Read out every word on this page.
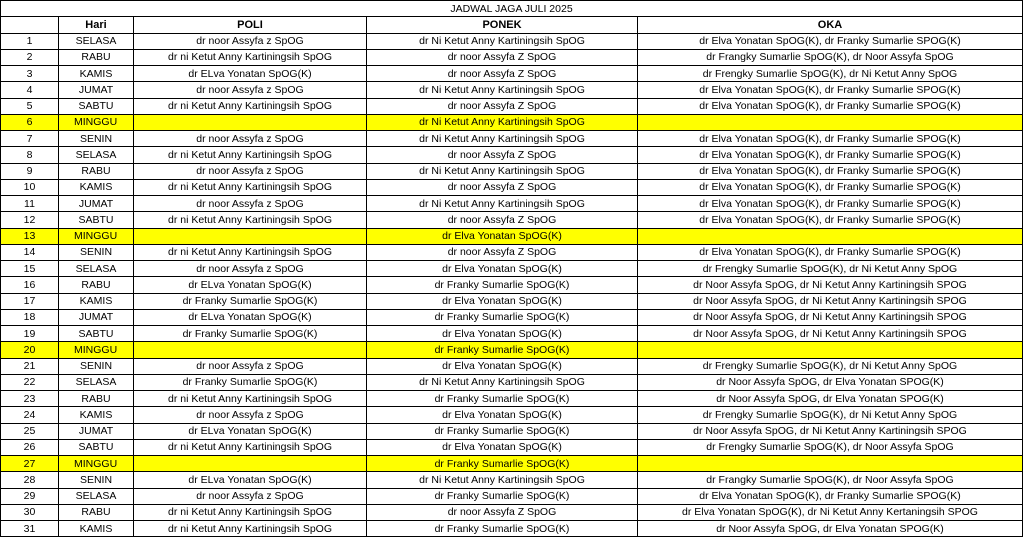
JADWAL JAGA JULI 2025				
	Hari	POLI	PONEK	OKA
1	SELASA	dr noor Assyfa z SpOG	dr Ni Ketut Anny Kartiningsih SpOG	dr Elva Yonatan SpOG(K), dr Franky Sumarlie SPOG(K)
2	RABU	dr ni Ketut Anny Kartiningsih SpOG	dr noor Assyfa Z SpOG	dr Frangky Sumarlie SpOG(K), dr Noor Assyfa SpOG
3	KAMIS	dr ELva Yonatan SpOG(K)	dr noor Assyfa Z SpOG	dr Frengky Sumarlie SpOG(K), dr Ni Ketut Anny SpOG
4	JUMAT	dr noor Assyfa z SpOG	dr Ni Ketut Anny Kartiningsih SpOG	dr Elva Yonatan SpOG(K), dr Franky Sumarlie SPOG(K)
5	SABTU	dr ni Ketut Anny Kartiningsih SpOG	dr noor Assyfa Z SpOG	dr Elva Yonatan SpOG(K), dr Franky Sumarlie SPOG(K)
6	MINGGU		dr Ni Ketut Anny Kartiningsih SpOG	
7	SENIN	dr noor Assyfa z SpOG	dr Ni Ketut Anny Kartiningsih SpOG	dr Elva Yonatan SpOG(K), dr Franky Sumarlie SPOG(K)
8	SELASA	dr ni Ketut Anny Kartiningsih SpOG	dr noor Assyfa Z SpOG	dr Elva Yonatan SpOG(K), dr Franky Sumarlie SPOG(K)
9	RABU	dr noor Assyfa z SpOG	dr Ni Ketut Anny Kartiningsih SpOG	dr Elva Yonatan SpOG(K), dr Franky Sumarlie SPOG(K)
10	KAMIS	dr ni Ketut Anny Kartiningsih SpOG	dr noor Assyfa Z SpOG	dr Elva Yonatan SpOG(K), dr Franky Sumarlie SPOG(K)
11	JUMAT	dr noor Assyfa z SpOG	dr Ni Ketut Anny Kartiningsih SpOG	dr Elva Yonatan SpOG(K), dr Franky Sumarlie SPOG(K)
12	SABTU	dr ni Ketut Anny Kartiningsih SpOG	dr noor Assyfa Z SpOG	dr Elva Yonatan SpOG(K), dr Franky Sumarlie SPOG(K)
13	MINGGU		dr Elva Yonatan SpOG(K)	
14	SENIN	dr ni Ketut Anny Kartiningsih SpOG	dr noor Assyfa Z SpOG	dr Elva Yonatan SpOG(K), dr Franky Sumarlie SPOG(K)
15	SELASA	dr noor Assyfa z SpOG	dr Elva Yonatan SpOG(K)	dr Frengky Sumarlie SpOG(K), dr Ni Ketut Anny SpOG
16	RABU	dr ELva Yonatan SpOG(K)	dr Franky Sumarlie SpOG(K)	dr Noor Assyfa SpOG, dr Ni Ketut Anny Kartiningsih SPOG
17	KAMIS	dr Franky Sumarlie SpOG(K)	dr Elva Yonatan SpOG(K)	dr Noor Assyfa SpOG, dr Ni Ketut Anny Kartiningsih SPOG
18	JUMAT	dr ELva Yonatan SpOG(K)	dr Franky Sumarlie SpOG(K)	dr Noor Assyfa SpOG, dr Ni Ketut Anny Kartiningsih SPOG
19	SABTU	dr Franky Sumarlie SpOG(K)	dr Elva Yonatan SpOG(K)	dr Noor Assyfa SpOG, dr Ni Ketut Anny Kartiningsih SPOG
20	MINGGU		dr Franky Sumarlie SpOG(K)	
21	SENIN	dr noor Assyfa z SpOG	dr Elva Yonatan SpOG(K)	dr Frengky Sumarlie SpOG(K), dr Ni Ketut Anny SpOG
22	SELASA	dr Franky Sumarlie SpOG(K)	dr Ni Ketut Anny Kartiningsih SpOG	dr Noor Assyfa SpOG, dr Elva Yonatan SPOG(K)
23	RABU	dr ni Ketut Anny Kartiningsih SpOG	dr Franky Sumarlie SpOG(K)	dr Noor Assyfa SpOG, dr Elva Yonatan SPOG(K)
24	KAMIS	dr noor Assyfa z SpOG	dr Elva Yonatan SpOG(K)	dr Frengky Sumarlie SpOG(K), dr Ni Ketut Anny SpOG
25	JUMAT	dr ELva Yonatan SpOG(K)	dr Franky Sumarlie SpOG(K)	dr Noor Assyfa SpOG, dr Ni Ketut Anny Kartiningsih SPOG
26	SABTU	dr ni Ketut Anny Kartiningsih SpOG	dr Elva Yonatan SpOG(K)	dr Frengky Sumarlie SpOG(K), dr Noor Assyfa SpOG
27	MINGGU		dr Franky Sumarlie SpOG(K)	
28	SENIN	dr ELva Yonatan SpOG(K)	dr Ni Ketut Anny Kartiningsih SpOG	dr Frangky Sumarlie SpOG(K), dr Noor Assyfa SpOG
29	SELASA	dr noor Assyfa z SpOG	dr Franky Sumarlie SpOG(K)	dr Elva Yonatan SpOG(K), dr Franky Sumarlie SPOG(K)
30	RABU	dr ni Ketut Anny Kartiningsih SpOG	dr noor Assyfa Z SpOG	dr Elva Yonatan SpOG(K), dr Ni Ketut Anny Kertaningsih SPOG
31	KAMIS	dr ni Ketut Anny Kartiningsih SpOG	dr Franky Sumarlie SpOG(K)	dr Noor Assyfa SpOG, dr Elva Yonatan SPOG(K)
